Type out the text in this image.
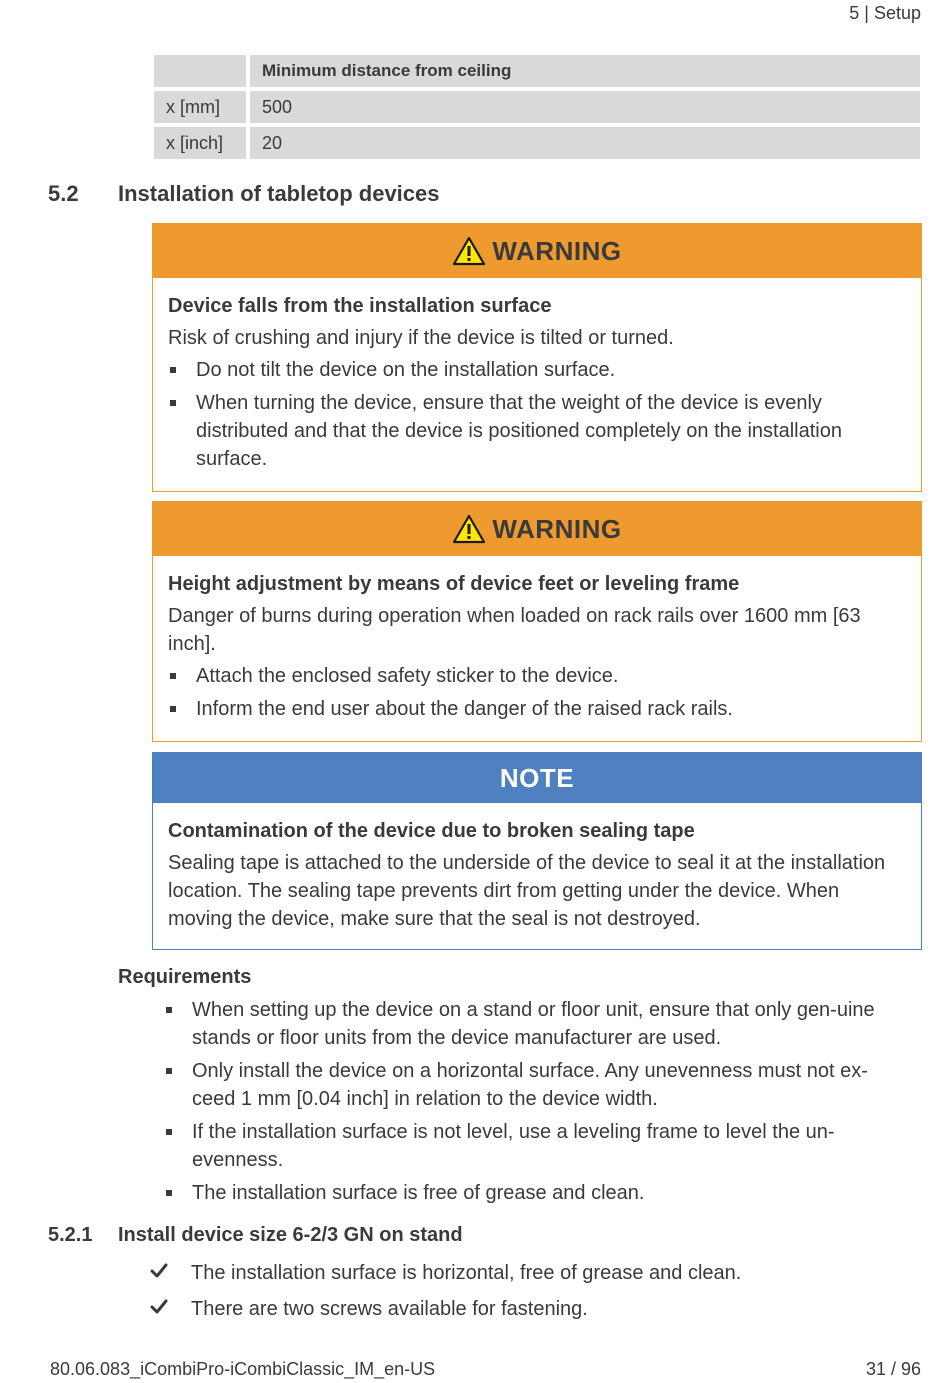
5 | Setup
Minimum distance from ceiling
x [mm]	500
x [inch]	20
5.2 Installation of tabletop devices
WARNING
Device falls from the installation surface
Risk of crushing and injury if the device is tilted or turned.
Do not tilt the device on the installation surface.
When turning the device, ensure that the weight of the device is evenly distributed and that the device is positioned completely on the installation surface.
WARNING
Height adjustment by means of device feet or leveling frame
Danger of burns during operation when loaded on rack rails over 1600 mm [63 inch].
Attach the enclosed safety sticker to the device.
Inform the end user about the danger of the raised rack rails.
NOTE
Contamination of the device due to broken sealing tape
Sealing tape is attached to the underside of the device to seal it at the installation location. The sealing tape prevents dirt from getting under the device. When moving the device, make sure that the seal is not destroyed.
Requirements
When setting up the device on a stand or floor unit, ensure that only gen-uine stands or floor units from the device manufacturer are used.
Only install the device on a horizontal surface. Any unevenness must not ex-ceed 1 mm [0.04 inch] in relation to the device width.
If the installation surface is not level, use a leveling frame to level the un-evenness.
The installation surface is free of grease and clean.
5.2.1 Install device size 6-2/3 GN on stand
The installation surface is horizontal, free of grease and clean.
There are two screws available for fastening.
80.06.083_iCombiPro-iCombiClassic_IM_en-US	31 / 96
